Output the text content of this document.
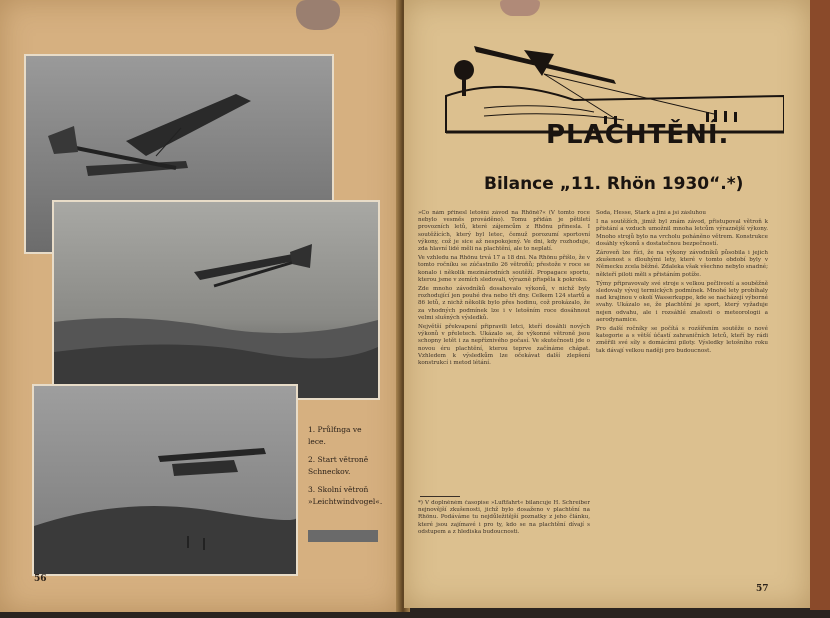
1. Průlťnga ve
lece.
2. Start větroně
Schneckov.
3. Skolní větroň
»Leichtwindvogel«.
56
PLACHTĚNÍ.
Bilance „11. Rhön 1930“.*)

»Co nám přinesl letošní závod na Rhöně?« (V tomto roce nebylo vesměs prováděno). Tomu přidán je pětiletí provozních letů, které zájemcům z Rhönu přinesla. I soutěžících, který byl letec, čemuž porozumí sportovní výkony, což je sice až nespokojený. Ve dni, kdy rozhoduje, zda hlavní lidé měli na plachtění, ale to neplatí.

Ve vzhledu na Rhönu trvá 17 a 18 dni. Na Rhönu přišlo, že v tomto ročníku se zúčastnilo 26 větroňů; přestože v roce se konalo i několik mezinárodních soutěží. Propagace sportu, kterou jsme v zemích sledovali, výrazně přispěla k pokroku.

Zde mnoho závodníků dosahovalo výkonů, v nichž byly rozhodující jen pouhé dva nebo tři dny. Celkem 124 startů a 86 letů, z nichž několik bylo přes hodinu, což prokázalo, že za vhodných podmínek lze i v letošním roce dosáhnout velmi slušných výsledků.

Největší překvapení připravili letci, kteří dosáhli nových výkonů v přeletech. Ukázalo se, že výkonné větroně jsou schopny letět i za nepříznivého počasí. Ve skutečnosti jde o novou éru plachtění, kterou teprve začínáme chápat. Vzhledem k výsledkům lze očekávat další zlepšení konstrukcí i metod létání.

*) V doplněném časopise »Luftfahrt« bilancuje H. Schreiber nejnovější zkušenosti, jichž bylo dosaženo v plachtění na Rhönu. Podáváme tu nejdůležitější poznatky z jeho článku, které jsou zajímavé i pro ty, kdo se na plachtění dívají s odstupem a z hlediska budoucnosti.

Soda, Hesse, Stark a jiní a jsi zásluhou

I na soutěžích, jimiž byl znám závod, přistupoval větroň k přistání a vzduch umožnil mnoha letcům výraznější výkony. Mnoho strojů bylo na vrcholu poháněno větrem. Konstrukce dosáhly výkonů s dostatečnou bezpečností.

Zároveň lze říci, že na výkony závodníků působila i jejich zkušenost s dlouhými lety, které v tomto období byly v Německu zcela běžné. Zdaleka však všechno nebylo snadné; někteří piloti měli s přistáním potíže.

Týmy připravovaly své stroje s velkou pečlivostí a souběžně sledovaly vývoj termických podmínek. Mnohé lety probíhaly nad krajinou v okolí Wasserkuppe, kde se nacházejí výborné svahy. Ukázalo se, že plachtění je sport, který vyžaduje nejen odvahu, ale i rozsáhlé znalosti o meteorologii a aerodynamice.

Pro další ročníky se počítá s rozšířením soutěže o nové kategorie a s větší účastí zahraničních letců, kteří by rádi změřili své síly s domácími piloty. Výsledky letošního roku tak dávají velkou naději pro budoucnost.

57
